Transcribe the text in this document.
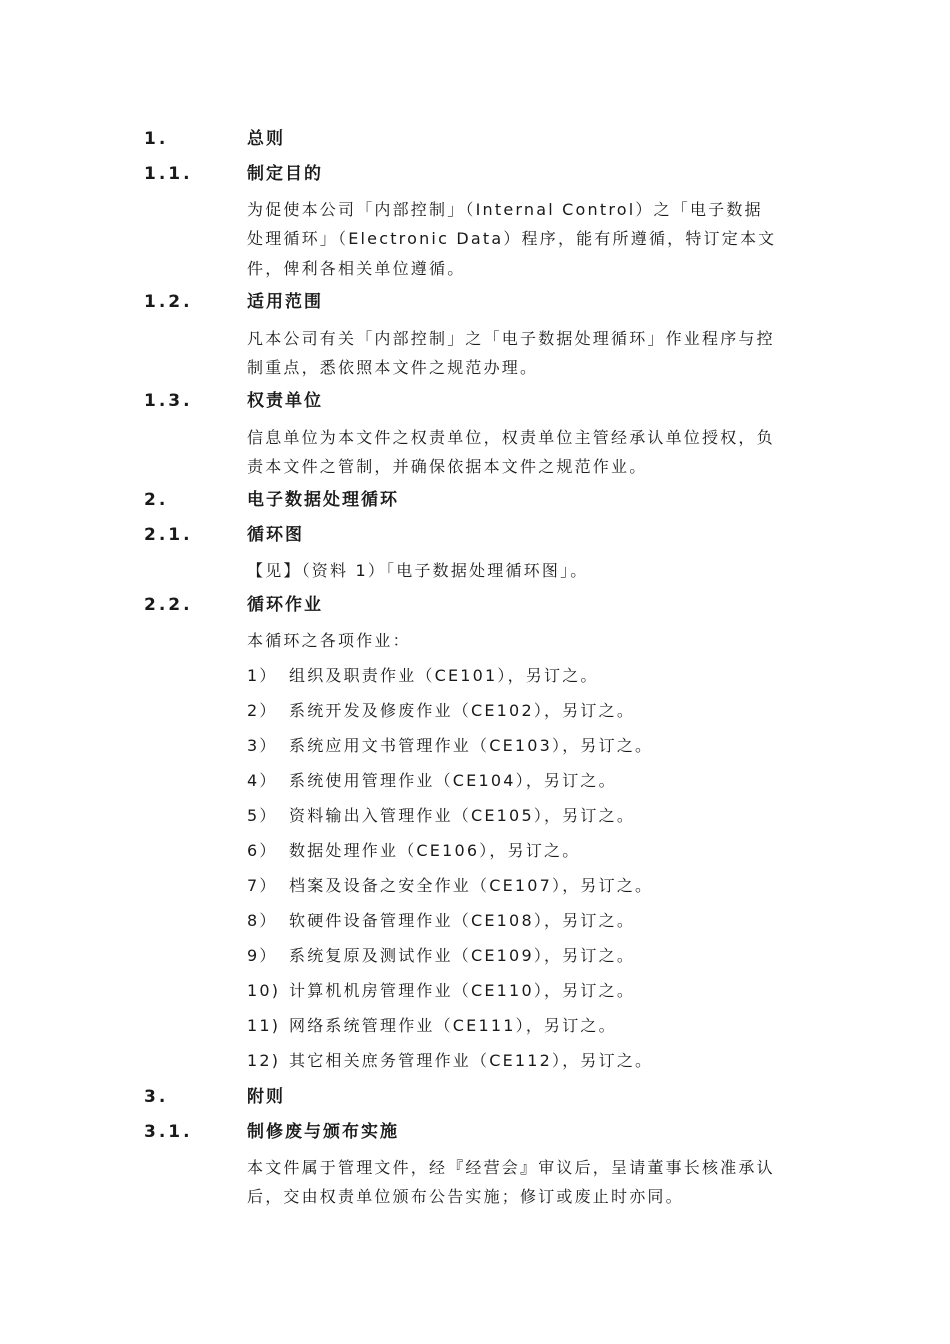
1.	总则
1.1.	制定目的
为促使本公司「内部控制」（Internal Control）之「电子数据
处理循环」（Electronic Data）程序，能有所遵循，特订定本文
件，俾利各相关单位遵循。
1.2.	适用范围
凡本公司有关「内部控制」之「电子数据处理循环」作业程序与控
制重点，悉依照本文件之规范办理。
1.3.	权责单位
信息单位为本文件之权责单位，权责单位主管经承认单位授权，负
责本文件之管制，并确保依据本文件之规范作业。
2.	电子数据处理循环
2.1.	循环图
【见】（资料 1）「电子数据处理循环图」。
2.2.	循环作业
本循环之各项作业：
1） 组织及职责作业（CE101），另订之。
2） 系统开发及修废作业（CE102），另订之。
3） 系统应用文书管理作业（CE103），另订之。
4） 系统使用管理作业（CE104），另订之。
5） 资料输出入管理作业（CE105），另订之。
6） 数据处理作业（CE106），另订之。
7） 档案及设备之安全作业（CE107），另订之。
8） 软硬件设备管理作业（CE108），另订之。
9） 系统复原及测试作业（CE109），另订之。
10) 计算机机房管理作业（CE110），另订之。
11) 网络系统管理作业（CE111），另订之。
12) 其它相关庶务管理作业（CE112），另订之。
3.	附则
3.1.	制修废与颁布实施
本文件属于管理文件，经『经营会』审议后，呈请董事长核准承认
后，交由权责单位颁布公告实施；修订或废止时亦同。
